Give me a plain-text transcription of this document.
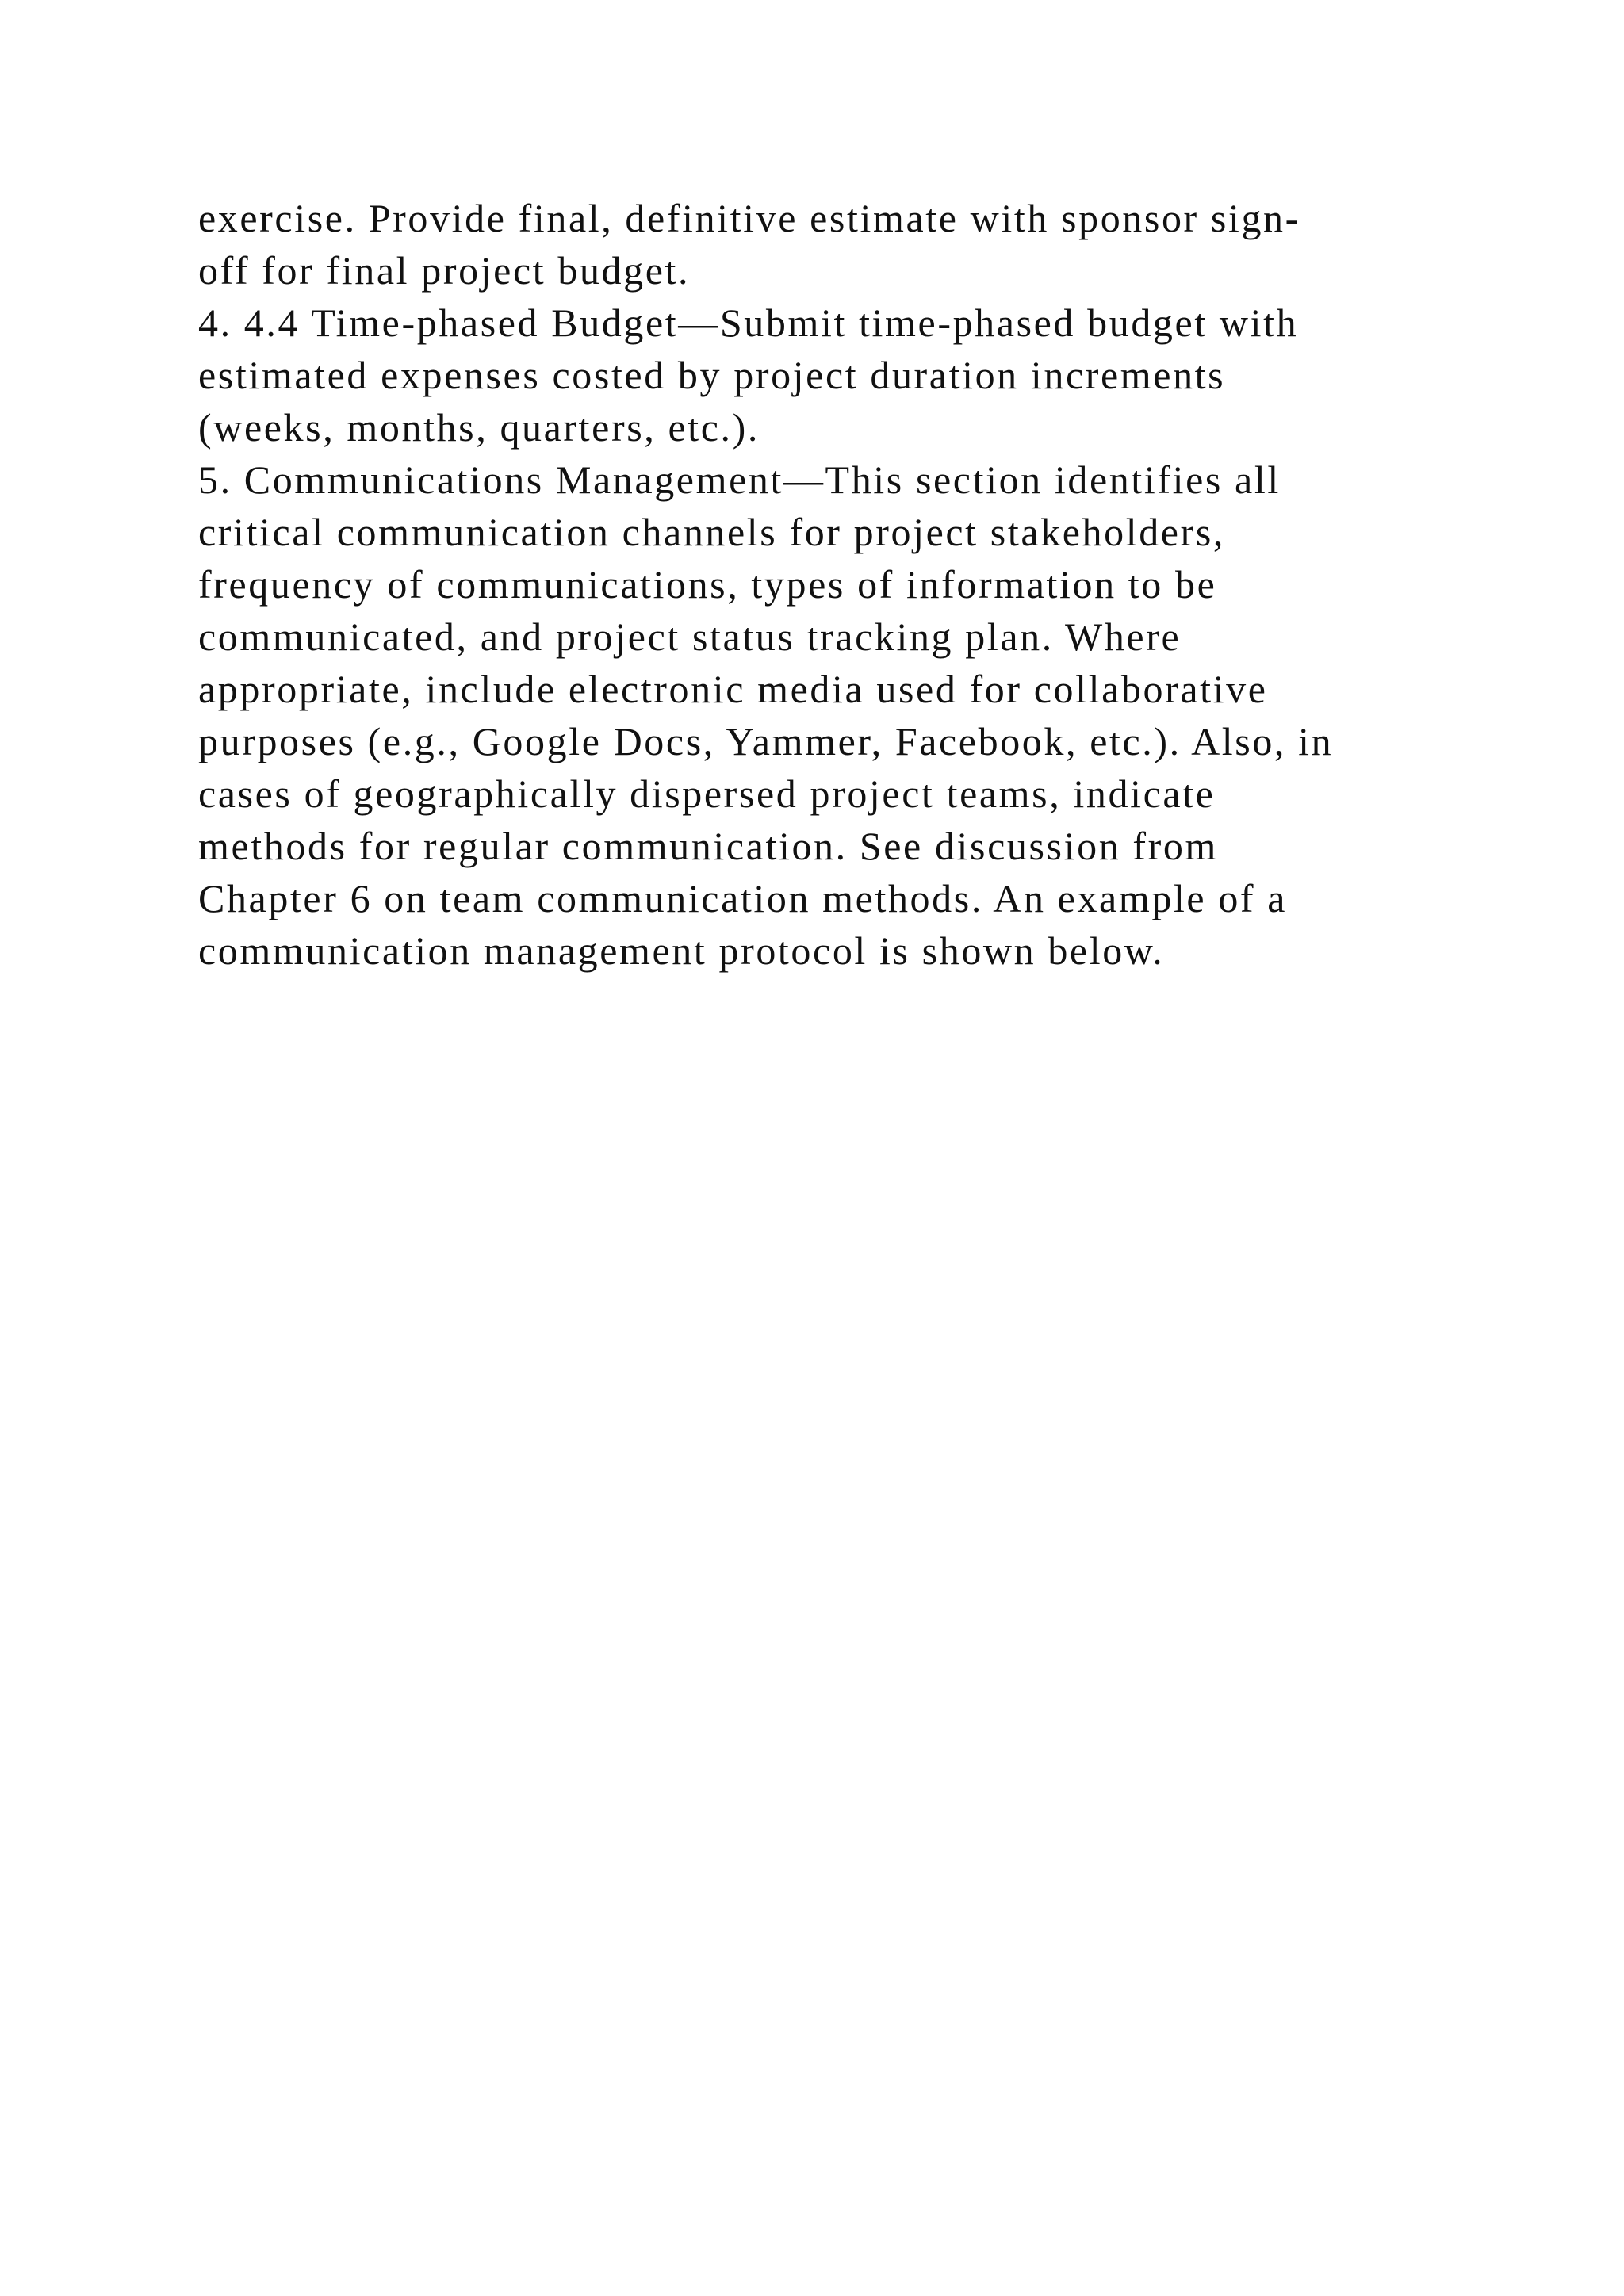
exercise. Provide final, definitive estimate with sponsor sign-
off for final project budget.
4. 4.4 Time-phased Budget—Submit time-phased budget with
estimated expenses costed by project duration increments
(weeks, months, quarters, etc.).
5. Communications Management—This section identifies all
critical communication channels for project stakeholders,
frequency of communications, types of information to be
communicated, and project status tracking plan. Where
appropriate, include electronic media used for collaborative
purposes (e.g., Google Docs, Yammer, Facebook, etc.). Also, in
cases of geographically dispersed project teams, indicate
methods for regular communication. See discussion from
Chapter 6 on team communication methods. An example of a
communication management protocol is shown below.
